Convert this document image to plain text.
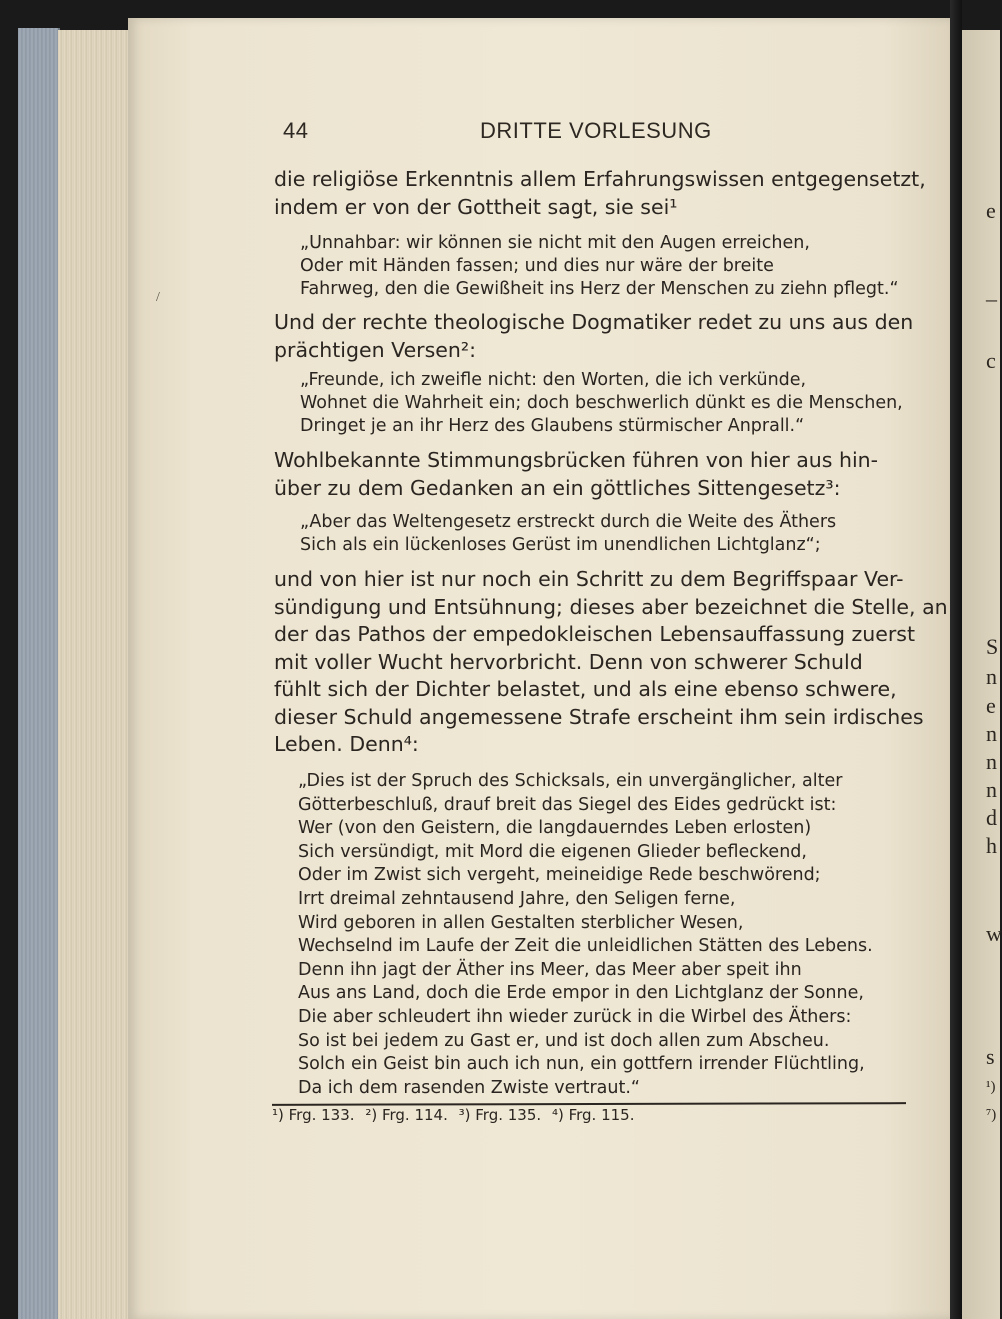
/
44	DRITTE VORLESUNG
die religiöse Erkenntnis allem Erfahrungswissen entgegensetzt,
indem er von der Gottheit sagt, sie sei¹
„Unnahbar: wir können sie nicht mit den Augen erreichen,
Oder mit Händen fassen; und dies nur wäre der breite
Fahrweg, den die Gewißheit ins Herz der Menschen zu ziehn pflegt.“
Und der rechte theologische Dogmatiker redet zu uns aus den
prächtigen Versen²:
„Freunde, ich zweifle nicht: den Worten, die ich verkünde,
Wohnet die Wahrheit ein; doch beschwerlich dünkt es die Menschen,
Dringet je an ihr Herz des Glaubens stürmischer Anprall.“
Wohlbekannte Stimmungsbrücken führen von hier aus hin-
über zu dem Gedanken an ein göttliches Sittengesetz³:
„Aber das Weltengesetz erstreckt durch die Weite des Äthers
Sich als ein lückenloses Gerüst im unendlichen Lichtglanz“;
und von hier ist nur noch ein Schritt zu dem Begriffspaar Ver-
sündigung und Entsühnung; dieses aber bezeichnet die Stelle, an
der das Pathos der empedokleischen Lebensauffassung zuerst
mit voller Wucht hervorbricht. Denn von schwerer Schuld
fühlt sich der Dichter belastet, und als eine ebenso schwere,
dieser Schuld angemessene Strafe erscheint ihm sein irdisches
Leben. Denn⁴:
„Dies ist der Spruch des Schicksals, ein unvergänglicher, alter
Götterbeschluß, drauf breit das Siegel des Eides gedrückt ist:
Wer (von den Geistern, die langdauerndes Leben erlosten)
Sich versündigt, mit Mord die eigenen Glieder befleckend,
Oder im Zwist sich vergeht, meineidige Rede beschwörend;
Irrt dreimal zehntausend Jahre, den Seligen ferne,
Wird geboren in allen Gestalten sterblicher Wesen,
Wechselnd im Laufe der Zeit die unleidlichen Stätten des Lebens.
Denn ihn jagt der Äther ins Meer, das Meer aber speit ihn
Aus ans Land, doch die Erde empor in den Lichtglanz der Sonne,
Die aber schleudert ihn wieder zurück in die Wirbel des Äthers:
So ist bei jedem zu Gast er, und ist doch allen zum Abscheu.
Solch ein Geist bin auch ich nun, ein gottfern irrender Flüchtling,
Da ich dem rasenden Zwiste vertraut.“
¹) Frg. 133. ²) Frg. 114. ³) Frg. 135. ⁴) Frg. 115.
e
–
c
S
n
e
n
n
n
d
h
w
s
¹)
⁷)
